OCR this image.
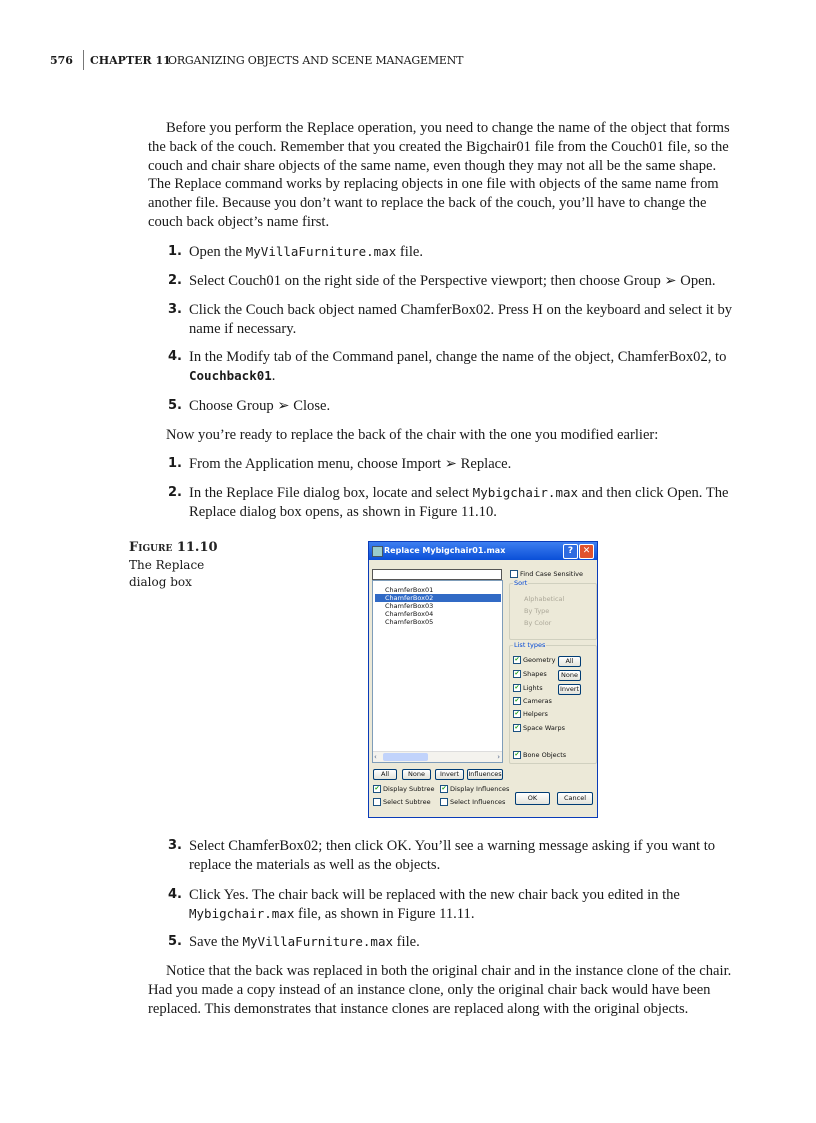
576 CHAPTER 11
ORGANIZING OBJECTS AND SCENE MANAGEMENT

Before you perform the Replace operation, you need to change the name of the object that forms the back of the couch. Remember that you created the Bigchair01 file from the Couch01 file, so the couch and chair share objects of the same name, even though they may not all be the same shape. The Replace command works by replacing objects in one file with objects of the same name from another file. Because you don’t want to replace the back of the couch, you’ll have to change the couch back object’s name first.

1. Open the MyVillaFurniture.max file.
2. Select Couch01 on the right side of the Perspective viewport; then choose Group ➢ Open.
3. Click the Couch back object named ChamferBox02. Press H on the keyboard and select it by name if necessary.
4. In the Modify tab of the Command panel, change the name of the object, ChamferBox02, to Couchback01.
5. Choose Group ➢ Close.

Now you’re ready to replace the back of the chair with the one you modified earlier:

1. From the Application menu, choose Import ➢ Replace.
2. In the Replace File dialog box, locate and select Mybigchair.max and then click Open. The Replace dialog box opens, as shown in Figure 11.10.
Figure 11.10
The Replace
dialog box
Replace Mybigchair01.max	?	✕
ChamferBox01
ChamferBox02
ChamferBox03
ChamferBox04
ChamferBox05
‹	›
Find Case Sensitive
Sort
Alphabetical
By Type
By Color
List types
✔ Geometry
✔ Shapes
✔ Lights
✔ Cameras
✔ Helpers
✔ Space Warps
✔ Bone Objects
All
None
Invert
All	None	Invert	Influences
✔ Display Subtree ✔ Display Influences
Select Subtree	Select Influences	OK	Cancel
3. Select ChamferBox02; then click OK. You’ll see a warning message asking if you want to replace the materials as well as the objects.
4. Click Yes. The chair back will be replaced with the new chair back you edited in the Mybigchair.max file, as shown in Figure 11.11.
5. Save the MyVillaFurniture.max file.

Notice that the back was replaced in both the original chair and in the instance clone of the chair. Had you made a copy instead of an instance clone, only the original chair back would have been replaced. This demonstrates that instance clones are replaced along with the original objects.
